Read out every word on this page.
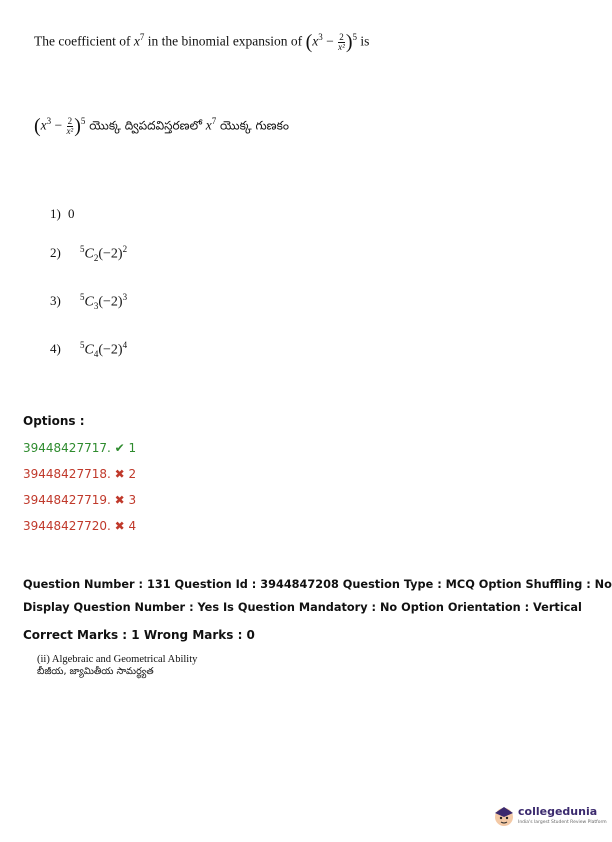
The coefficient of $x^7$ in the binomial expansion of $(x^3 - \frac{2}{\text{x²}} )^5$ is
$(x^3 - \frac{2}{\text{x²}} )^5$ యొక్క ద్విపదవిస్తరణలో $x^7$ యొక్క గుణకం
1) 0
2) $^5C_2(-2)^2$
3) $^5C_3(-2)^3$
4) $^5C_4(-2)^4$
Options :
39448427717. ✔ 1
39448427718. ✖ 2
39448427719. ✖ 3
39448427720. ✖ 4
Question Number : 131 Question Id : 3944847208 Question Type : MCQ Option Shuffling : No
Display Question Number : Yes Is Question Mandatory : No Option Orientation : Vertical
Correct Marks : 1 Wrong Marks : 0
(ii) Algebraic and Geometrical Ability
బీజీయ, జ్యామితీయ సామర్థ్యత
collegedunia
India's largest Student Review Platform
